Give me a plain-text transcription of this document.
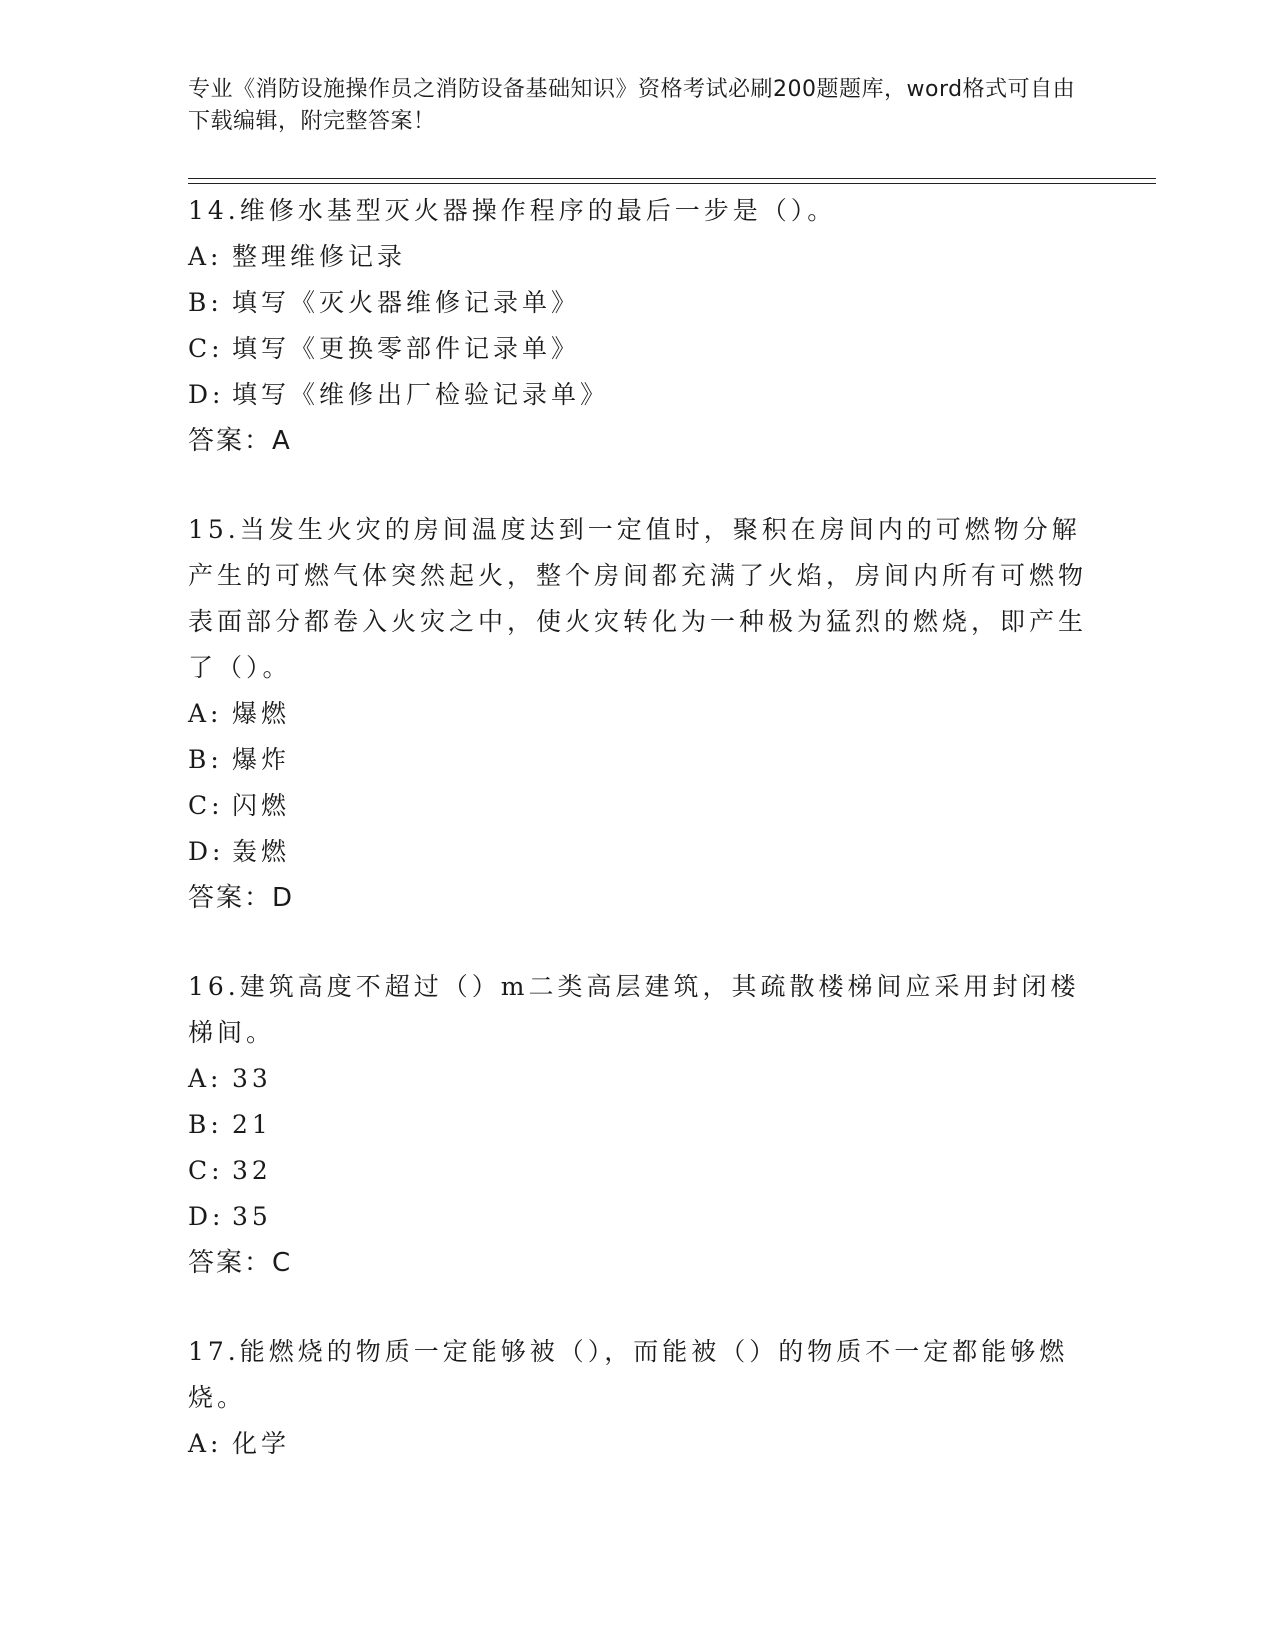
专业《消防设施操作员之消防设备基础知识》资格考试必刷200题题库，word格式可自由下载编辑，附完整答案！

14.维修水基型灭火器操作程序的最后一步是（）。

A: 整理维修记录

B: 填写《灭火器维修记录单》

C: 填写《更换零部件记录单》

D: 填写《维修出厂检验记录单》

答案：A

15.当发生火灾的房间温度达到一定值时，聚积在房间内的可燃物分解产生的可燃气体突然起火，整个房间都充满了火焰，房间内所有可燃物表面部分都卷入火灾之中，使火灾转化为一种极为猛烈的燃烧，即产生了（）。

A: 爆燃

B: 爆炸

C: 闪燃

D: 轰燃

答案：D

16.建筑高度不超过（）m二类高层建筑，其疏散楼梯间应采用封闭楼梯间。

A: 33

B: 21

C: 32

D: 35

答案：C

17.能燃烧的物质一定能够被（），而能被（）的物质不一定都能够燃烧。

A: 化学
